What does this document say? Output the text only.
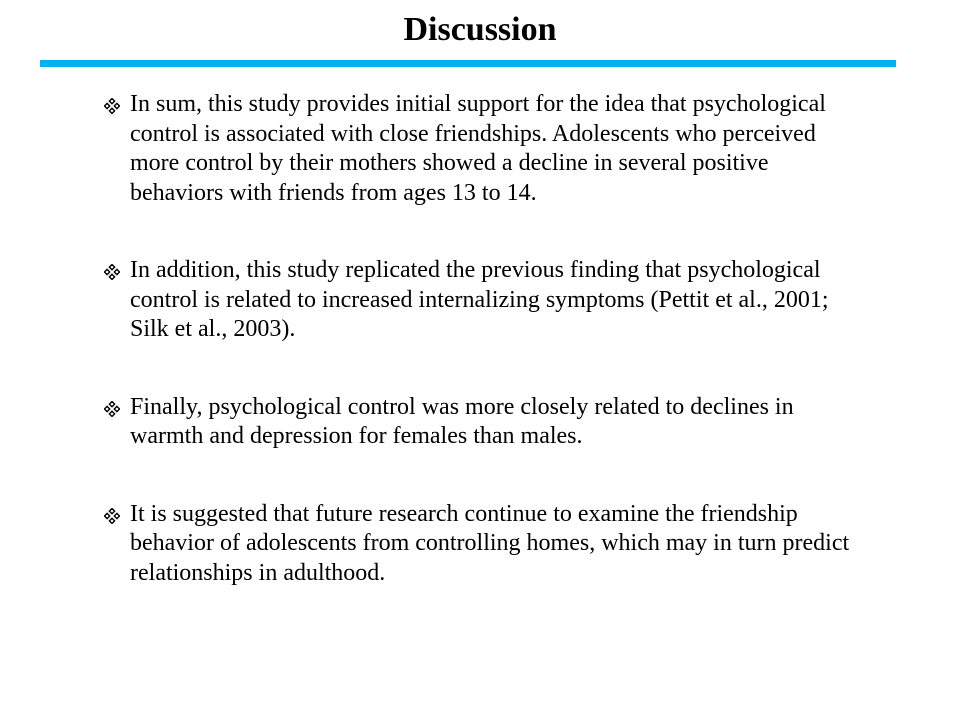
Discussion
In sum, this study provides initial support for the idea that psychological control is associated with close friendships. Adolescents who perceived more control by their mothers showed a decline in several positive behaviors with friends from ages 13 to 14.
In addition, this study replicated the previous finding that psychological control is related to increased internalizing symptoms (Pettit et al., 2001; Silk et al., 2003).
Finally, psychological control was more closely related to declines in warmth and depression for females than males.
It is suggested that future research continue to examine the friendship behavior of adolescents from controlling homes, which may in turn predict relationships in adulthood.
